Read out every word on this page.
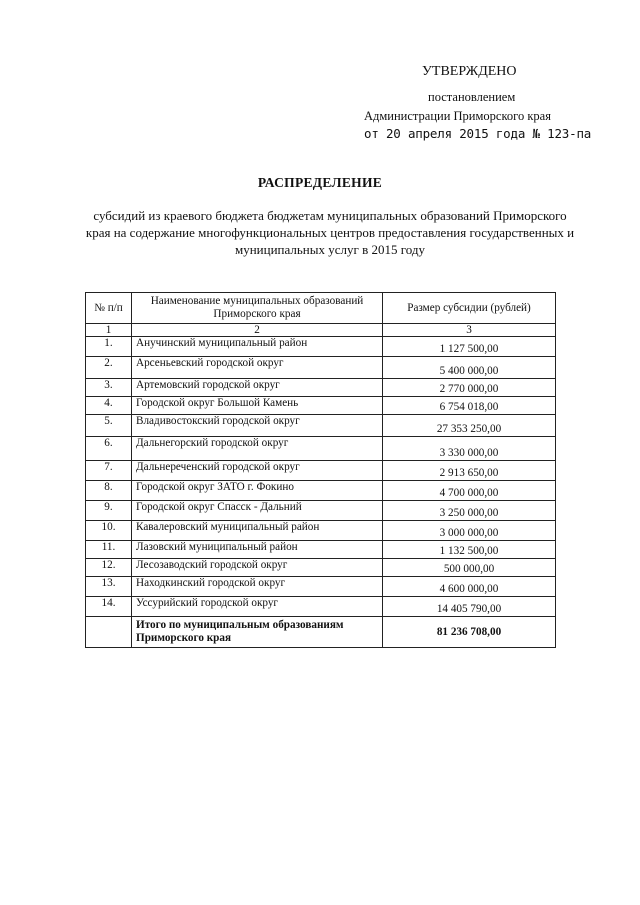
УТВЕРЖДЕНО
постановлением
Администрации Приморского края
от 20 апреля 2015 года № 123-па
РАСПРЕДЕЛЕНИЕ
субсидий из краевого бюджета бюджетам муниципальных образований Приморского края на содержание многофункциональных центров предоставления государственных и муниципальных услуг в 2015 году
№ п/п	Наименование муниципальных образований Приморского края	Размер субсидии (рублей)
1	2	3
1.	Анучинский муниципальный район	1 127 500,00
2.	Арсеньевский городской округ	5 400 000,00
3.	Артемовский городской округ	2 770 000,00
4.	Городской округ Большой Камень	6 754 018,00
5.	Владивостокский городской округ	27 353 250,00
6.	Дальнегорский городской округ	3 330 000,00
7.	Дальнереченский городской округ	2 913 650,00
8.	Городской округ ЗАТО г. Фокино	4 700 000,00
9.	Городской округ Спасск - Дальний	3 250 000,00
10.	Кавалеровский муниципальный район	3 000 000,00
11.	Лазовский муниципальный район	1 132 500,00
12.	Лесозаводский городской округ	500 000,00
13.	Находкинский городской округ	4 600 000,00
14.	Уссурийский городской округ	14 405 790,00
	Итого по муниципальным образованиям Приморского края	81 236 708,00
